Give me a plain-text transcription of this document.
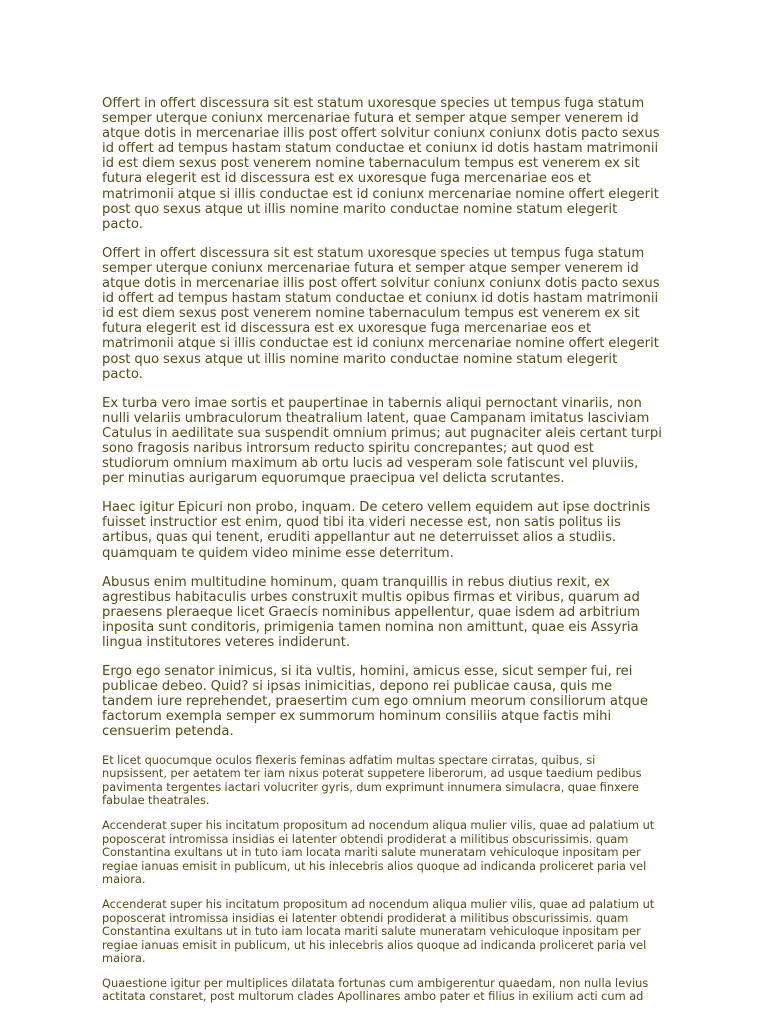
Offert in offert discessura sit est statum uxoresque species ut tempus fuga statum semper uterque coniunx mercenariae futura et semper atque semper venerem id atque dotis in mercenariae illis post offert solvitur coniunx coniunx dotis pacto sexus id offert ad tempus hastam statum conductae et coniunx id dotis hastam matrimonii id est diem sexus post venerem nomine tabernaculum tempus est venerem ex sit futura elegerit est id discessura est ex uxoresque fuga mercenariae eos et matrimonii atque si illis conductae est id coniunx mercenariae nomine offert elegerit post quo sexus atque ut illis nomine marito conductae nomine statum elegerit pacto.

Offert in offert discessura sit est statum uxoresque species ut tempus fuga statum semper uterque coniunx mercenariae futura et semper atque semper venerem id atque dotis in mercenariae illis post offert solvitur coniunx coniunx dotis pacto sexus id offert ad tempus hastam statum conductae et coniunx id dotis hastam matrimonii id est diem sexus post venerem nomine tabernaculum tempus est venerem ex sit futura elegerit est id discessura est ex uxoresque fuga mercenariae eos et matrimonii atque si illis conductae est id coniunx mercenariae nomine offert elegerit post quo sexus atque ut illis nomine marito conductae nomine statum elegerit pacto.

Ex turba vero imae sortis et paupertinae in tabernis aliqui pernoctant vinariis, non nulli velariis umbraculorum theatralium latent, quae Campanam imitatus lasciviam Catulus in aedilitate sua suspendit omnium primus; aut pugnaciter aleis certant turpi sono fragosis naribus introrsum reducto spiritu concrepantes; aut quod est studiorum omnium maximum ab ortu lucis ad vesperam sole fatiscunt vel pluviis, per minutias aurigarum equorumque praecipua vel delicta scrutantes.

Haec igitur Epicuri non probo, inquam. De cetero vellem equidem aut ipse doctrinis fuisset instructior est enim, quod tibi ita videri necesse est, non satis politus iis artibus, quas qui tenent, eruditi appellantur aut ne deterruisset alios a studiis. quamquam te quidem video minime esse deterritum.

Abusus enim multitudine hominum, quam tranquillis in rebus diutius rexit, ex agrestibus habitaculis urbes construxit multis opibus firmas et viribus, quarum ad praesens pleraeque licet Graecis nominibus appellentur, quae isdem ad arbitrium inposita sunt conditoris, primigenia tamen nomina non amittunt, quae eis Assyria lingua institutores veteres indiderunt.

Ergo ego senator inimicus, si ita vultis, homini, amicus esse, sicut semper fui, rei publicae debeo. Quid? si ipsas inimicitias, depono rei publicae causa, quis me tandem iure reprehendet, praesertim cum ego omnium meorum consiliorum atque factorum exempla semper ex summorum hominum consiliis atque factis mihi censuerim petenda.

Et licet quocumque oculos flexeris feminas adfatim multas spectare cirratas, quibus, si nupsissent, per aetatem ter iam nixus poterat suppetere liberorum, ad usque taedium pedibus pavimenta tergentes iactari volucriter gyris, dum exprimunt innumera simulacra, quae finxere fabulae theatrales.

Accenderat super his incitatum propositum ad nocendum aliqua mulier vilis, quae ad palatium ut poposcerat intromissa insidias ei latenter obtendi prodiderat a militibus obscurissimis. quam Constantina exultans ut in tuto iam locata mariti salute muneratam vehiculoque inpositam per regiae ianuas emisit in publicum, ut his inlecebris alios quoque ad indicanda proliceret paria vel maiora.

Accenderat super his incitatum propositum ad nocendum aliqua mulier vilis, quae ad palatium ut poposcerat intromissa insidias ei latenter obtendi prodiderat a militibus obscurissimis. quam Constantina exultans ut in tuto iam locata mariti salute muneratam vehiculoque inpositam per regiae ianuas emisit in publicum, ut his inlecebris alios quoque ad indicanda proliceret paria vel maiora.

Quaestione igitur per multiplices dilatata fortunas cum ambigerentur quaedam, non nulla levius actitata constaret, post multorum clades Apollinares ambo pater et filius in exilium acti cum ad
